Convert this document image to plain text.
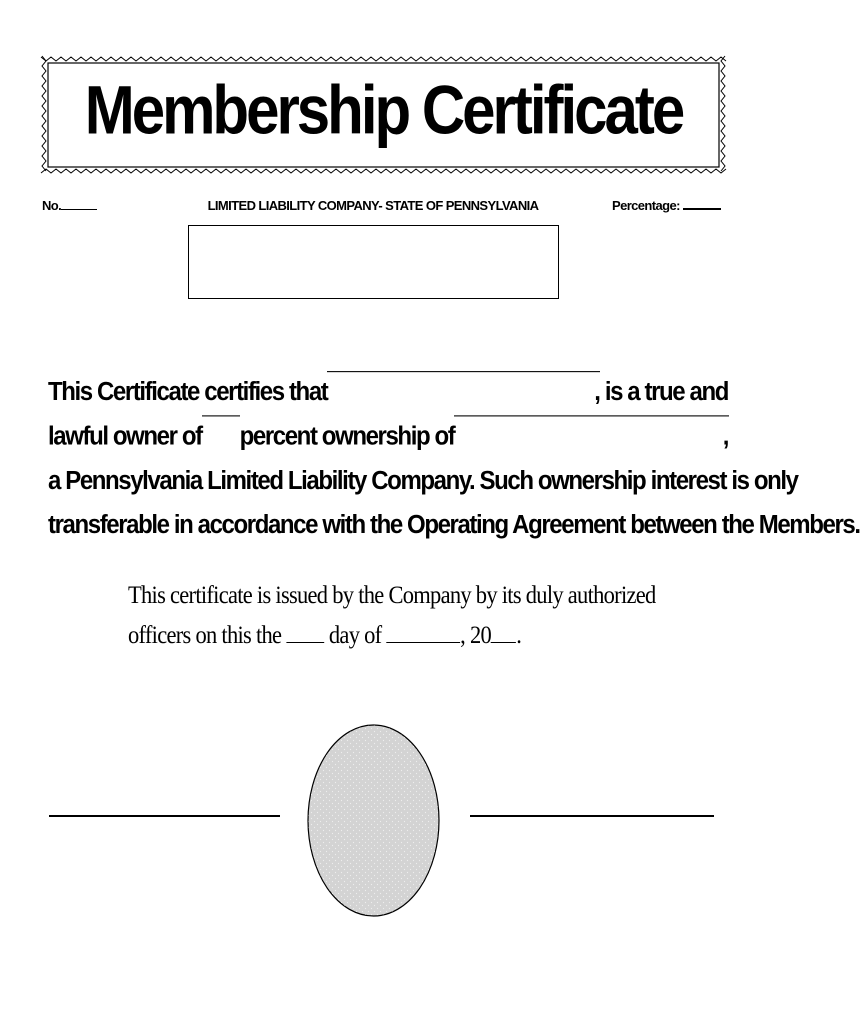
Membership Certificate
No.	LIMITED LIABILITY COMPANY- STATE OF PENNSYLVANIA	Percentage:
This Certificate certifies that	, is a true and
lawful owner of percent ownership of	,
a Pennsylvania Limited Liability Company. Such ownership interest is only
transferable in accordance with the Operating Agreement between the Members.
This certificate is issued by the Company by its duly authorized
officers on this the day of	, 20 .
